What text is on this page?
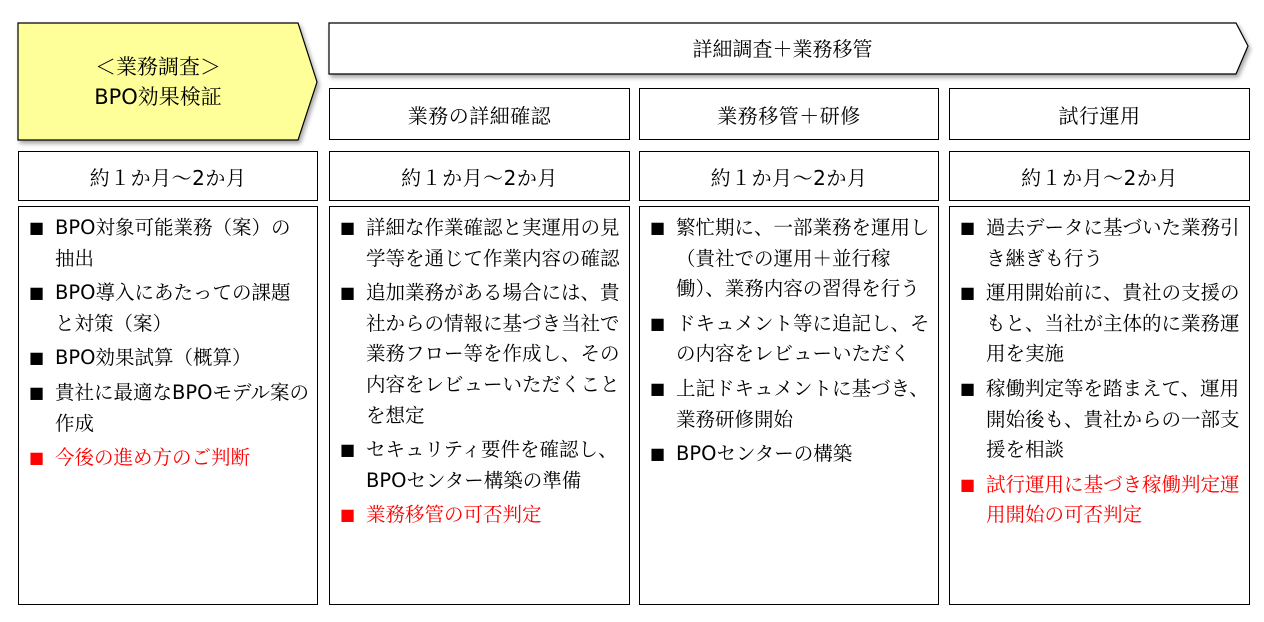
＜業務調査＞
BPO効果検証
詳細調査＋業務移管
業務の詳細確認	業務移管＋研修	試行運用
約１か月～2か月	約１か月～2か月	約１か月～2か月	約１か月～2か月
■ BPO対象可能業務（案）の抽出
■ BPO導入にあたっての課題と対策（案）
■ BPO効果試算（概算）
■ 貴社に最適なBPOモデル案の作成
■ 今後の進め方のご判断
■ 詳細な作業確認と実運用の見学等を通じて作業内容の確認
■ 追加業務がある場合には、貴社からの情報に基づき当社で業務フロー等を作成し、その内容をレビューいただくことを想定
■ セキュリティ要件を確認し、BPOセンター構築の準備
■ 業務移管の可否判定
■ 繁忙期に、一部業務を運用し（貴社での運用＋並行稼働）、業務内容の習得を行う
■ ドキュメント等に追記し、その内容をレビューいただく
■ 上記ドキュメントに基づき、業務研修開始
■ BPOセンターの構築
■ 過去データに基づいた業務引き継ぎも行う
■ 運用開始前に、貴社の支援のもと、当社が主体的に業務運用を実施
■ 稼働判定等を踏まえて、運用開始後も、貴社からの一部支援を相談
■ 試行運用に基づき稼働判定運用開始の可否判定
